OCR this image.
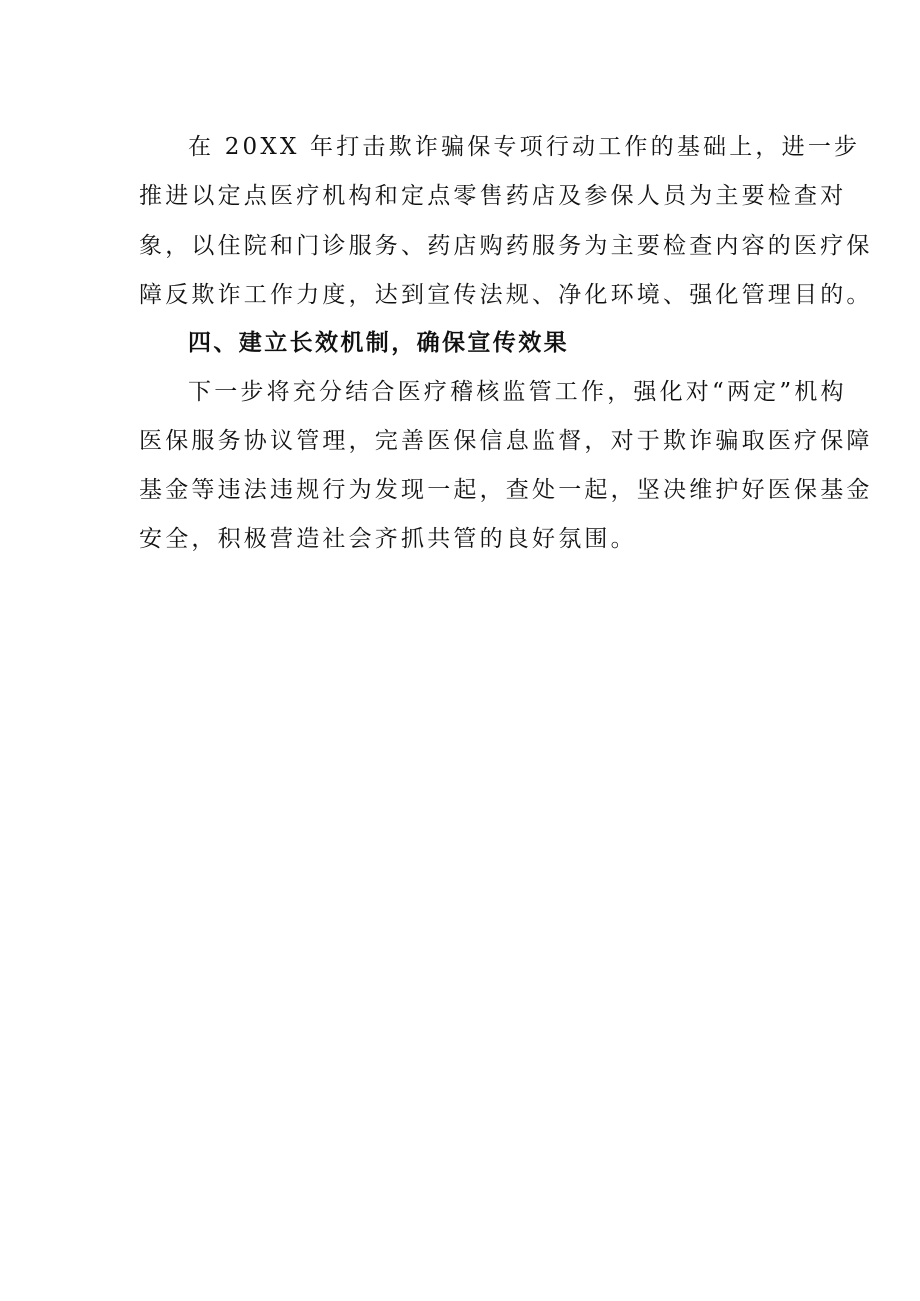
在 20XX 年打击欺诈骗保专项行动工作的基础上，进一步
推进以定点医疗机构和定点零售药店及参保人员为主要检查对
象，以住院和门诊服务、药店购药服务为主要检查内容的医疗保
障反欺诈工作力度，达到宣传法规、净化环境、强化管理目的。
四、建立长效机制，确保宣传效果
下一步将充分结合医疗稽核监管工作，强化对“两定”机构
医保服务协议管理，完善医保信息监督，对于欺诈骗取医疗保障
基金等违法违规行为发现一起，查处一起，坚决维护好医保基金
安全，积极营造社会齐抓共管的良好氛围。
